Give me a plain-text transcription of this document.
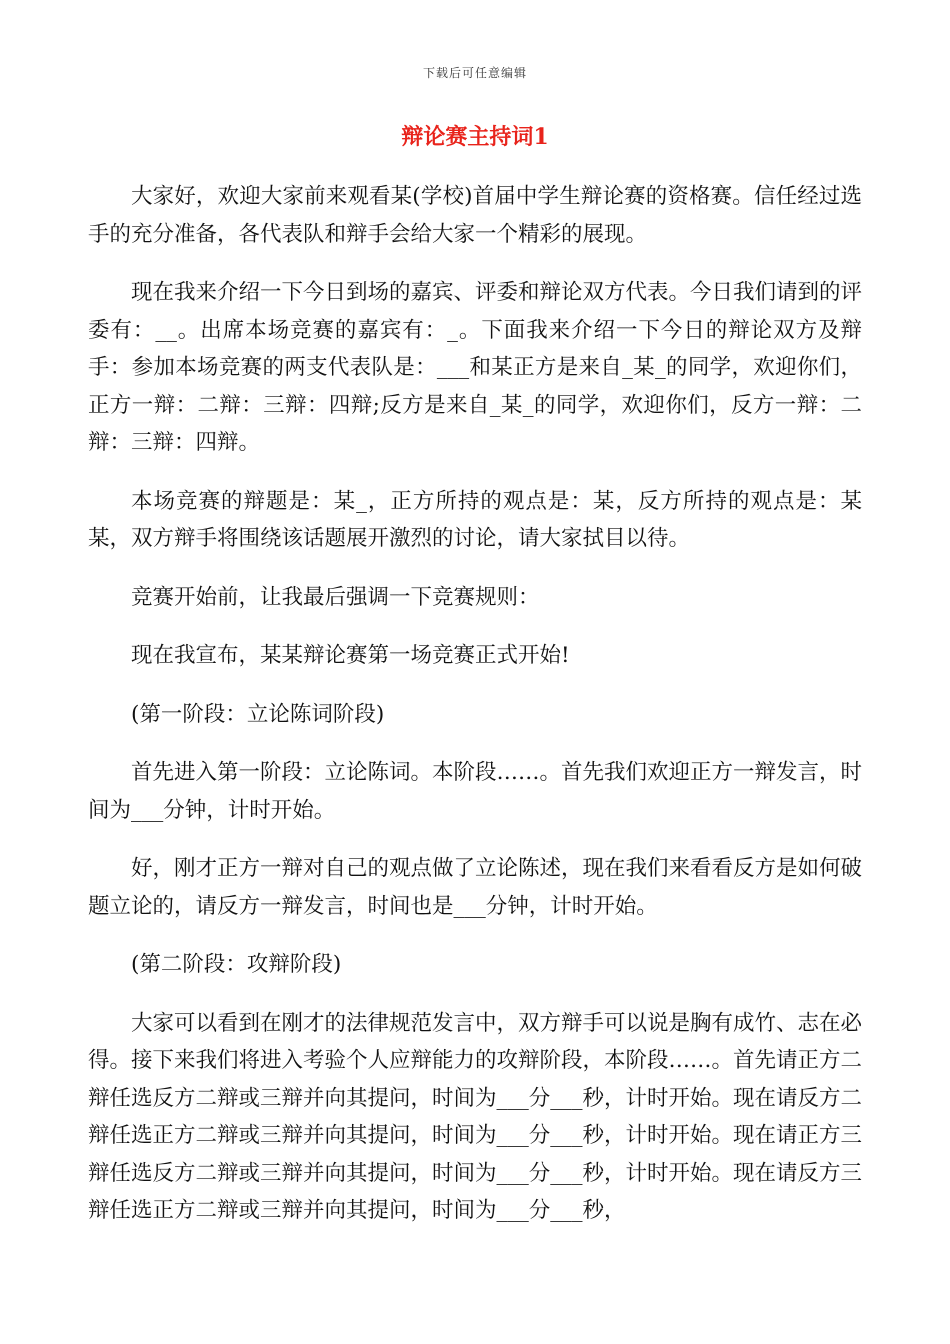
下载后可任意编辑
辩论赛主持词1

大家好，欢迎大家前来观看某(学校)首届中学生辩论赛的资格赛。信任经过选手的充分准备，各代表队和辩手会给大家一个精彩的展现。

现在我来介绍一下今日到场的嘉宾、评委和辩论双方代表。今日我们请到的评委有：__。出席本场竞赛的嘉宾有：_。下面我来介绍一下今日的辩论双方及辩手：参加本场竞赛的两支代表队是：___和某正方是来自_某_的同学，欢迎你们，正方一辩：二辩：三辩：四辩;反方是来自_某_的同学，欢迎你们，反方一辩：二辩：三辩：四辩。

本场竞赛的辩题是：某_，正方所持的观点是：某，反方所持的观点是：某某，双方辩手将围绕该话题展开激烈的讨论，请大家拭目以待。

竞赛开始前，让我最后强调一下竞赛规则：

现在我宣布，某某辩论赛第一场竞赛正式开始!

(第一阶段：立论陈词阶段)

首先进入第一阶段：立论陈词。本阶段……。首先我们欢迎正方一辩发言，时间为___分钟，计时开始。

好，刚才正方一辩对自己的观点做了立论陈述，现在我们来看看反方是如何破题立论的，请反方一辩发言，时间也是___分钟，计时开始。

(第二阶段：攻辩阶段)

大家可以看到在刚才的法律规范发言中，双方辩手可以说是胸有成竹、志在必得。接下来我们将进入考验个人应辩能力的攻辩阶段，本阶段……。首先请正方二辩任选反方二辩或三辩并向其提问，时间为___分___秒，计时开始。现在请反方二辩任选正方二辩或三辩并向其提问，时间为___分___秒，计时开始。现在请正方三辩任选反方二辩或三辩并向其提问，时间为___分___秒，计时开始。现在请反方三辩任选正方二辩或三辩并向其提问，时间为___分___秒，
